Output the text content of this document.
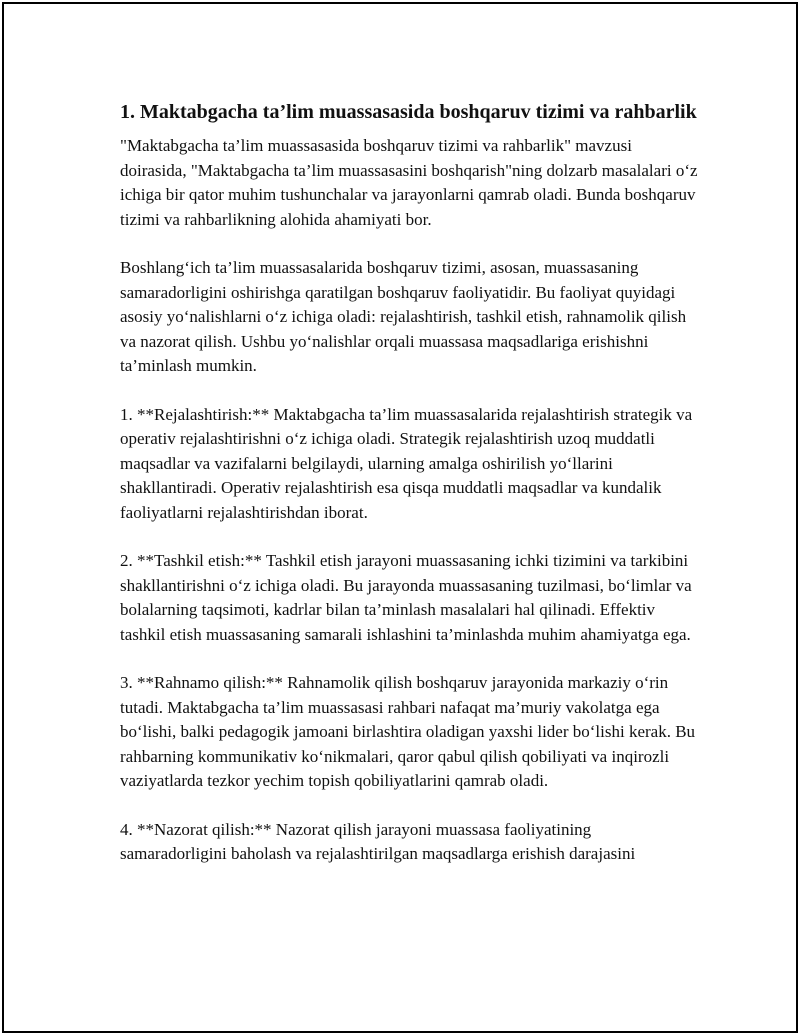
1. Maktabgacha ta’lim muassasasida boshqaruv tizimi va rahbarlik

"Maktabgacha ta’lim muassasasida boshqaruv tizimi va rahbarlik" mavzusi doirasida, "Maktabgacha ta’lim muassasasini boshqarish"ning dolzarb masalalari o‘z ichiga bir qator muhim tushunchalar va jarayonlarni qamrab oladi. Bunda boshqaruv tizimi va rahbarlikning alohida ahamiyati bor.

Boshlang‘ich ta’lim muassasalarida boshqaruv tizimi, asosan, muassasaning samaradorligini oshirishga qaratilgan boshqaruv faoliyatidir. Bu faoliyat quyidagi asosiy yo‘nalishlarni o‘z ichiga oladi: rejalashtirish, tashkil etish, rahnamolik qilish va nazorat qilish. Ushbu yo‘nalishlar orqali muassasa maqsadlariga erishishni ta’minlash mumkin.

1. **Rejalashtirish:** Maktabgacha ta’lim muassasalarida rejalashtirish strategik va operativ rejalashtirishni o‘z ichiga oladi. Strategik rejalashtirish uzoq muddatli maqsadlar va vazifalarni belgilaydi, ularning amalga oshirilish yo‘llarini shakllantiradi. Operativ rejalashtirish esa qisqa muddatli maqsadlar va kundalik faoliyatlarni rejalashtirishdan iborat.

2. **Tashkil etish:** Tashkil etish jarayoni muassasaning ichki tizimini va tarkibini shakllantirishni o‘z ichiga oladi. Bu jarayonda muassasaning tuzilmasi, bo‘limlar va bolalarning taqsimoti, kadrlar bilan ta’minlash masalalari hal qilinadi. Effektiv tashkil etish muassasaning samarali ishlashini ta’minlashda muhim ahamiyatga ega.

3. **Rahnamo qilish:** Rahnamolik qilish boshqaruv jarayonida markaziy o‘rin tutadi. Maktabgacha ta’lim muassasasi rahbari nafaqat ma’muriy vakolatga ega bo‘lishi, balki pedagogik jamoani birlashtira oladigan yaxshi lider bo‘lishi kerak. Bu rahbarning kommunikativ ko‘nikmalari, qaror qabul qilish qobiliyati va inqirozli vaziyatlarda tezkor yechim topish qobiliyatlarini qamrab oladi.

4. **Nazorat qilish:** Nazorat qilish jarayoni muassasa faoliyatining samaradorligini baholash va rejalashtirilgan maqsadlarga erishish darajasini
